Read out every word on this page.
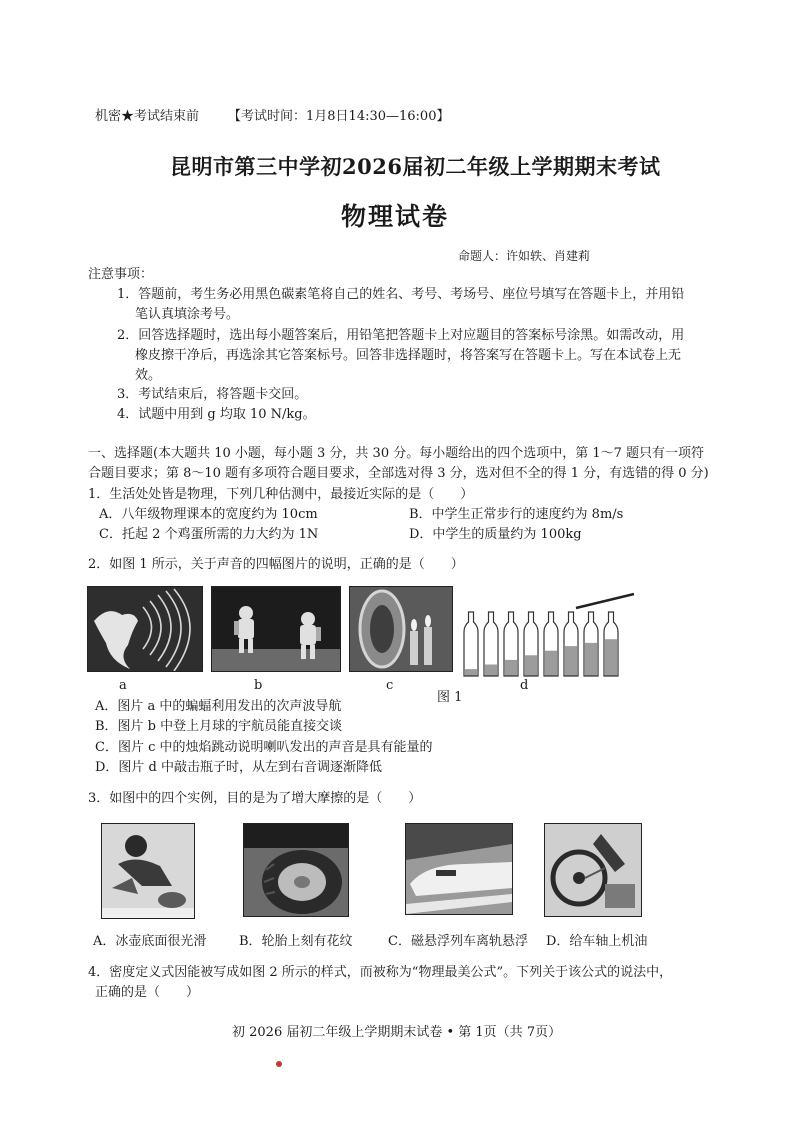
机密★考试结束前 【考试时间：1月8日14:30—16:00】
昆明市第三中学初2026届初二年级上学期期末考试
物理试卷
命题人：许如轶、肖建莉
注意事项：
1．答题前，考生务必用黑色碳素笔将自己的姓名、考号、考场号、座位号填写在答题卡上，并用铅
笔认真填涂考号。
2．回答选择题时，选出每小题答案后，用铅笔把答题卡上对应题目的答案标号涂黑。如需改动，用
橡皮擦干净后，再选涂其它答案标号。回答非选择题时，将答案写在答题卡上。写在本试卷上无
效。
3．考试结束后，将答题卡交回。
4．试题中用到 g 均取 10 N/kg。
一、选择题(本大题共 10 小题，每小题 3 分，共 30 分。每小题给出的四个选项中，第 1～7 题只有一项符
合题目要求；第 8～10 题有多项符合题目要求，全部选对得 3 分，选对但不全的得 1 分，有选错的得 0 分)
1．生活处处皆是物理，下列几种估测中，最接近实际的是（　　）
A．八年级物理课本的宽度约为 10cm	B．中学生正常步行的速度约为 8m/s
C．托起 2 个鸡蛋所需的力大约为 1N	D．中学生的质量约为 100kg
2．如图 1 所示，关于声音的四幅图片的说明，正确的是（　　）
a	b	c
图 1
d
A．图片 a 中的蝙蝠利用发出的次声波导航
B．图片 b 中登上月球的宇航员能直接交谈
C．图片 c 中的烛焰跳动说明喇叭发出的声音是具有能量的
D．图片 d 中敲击瓶子时，从左到右音调逐渐降低
3．如图中的四个实例，目的是为了增大摩擦的是（　　）
A．冰壶底面很光滑	B．轮胎上刻有花纹	C．磁悬浮列车离轨悬浮 D．给车轴上机油
4．密度定义式因能被写成如图 2 所示的样式，而被称为“物理最美公式”。下列关于该公式的说法中，
正确的是（　　）
初 2026 届初二年级上学期期末试卷 • 第 1页（共 7页）
